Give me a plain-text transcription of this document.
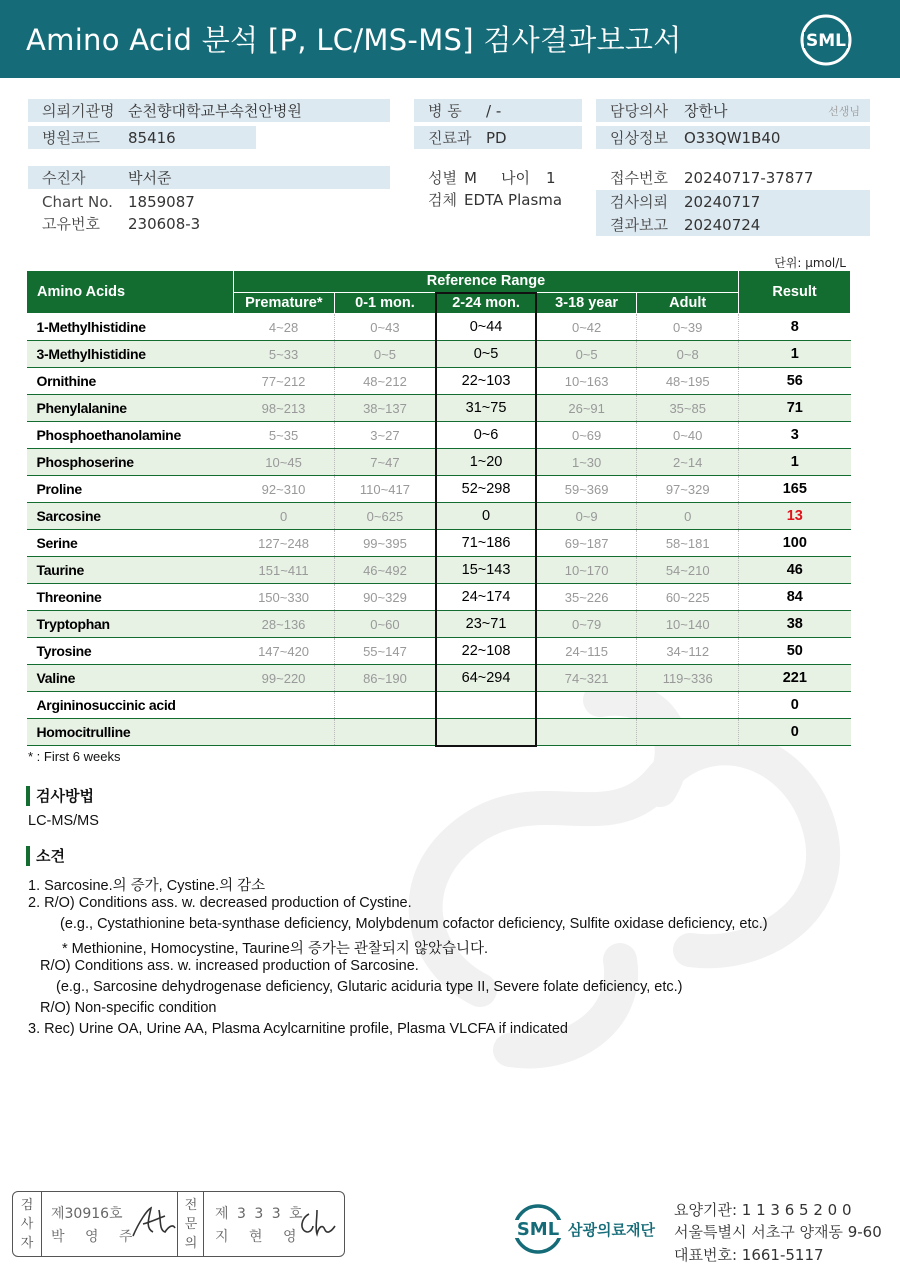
Amino Acid 분석 [P, LC/MS-MS] 검사결과보고서	SML
의뢰기관명 순천향대학교부속천안병원
병원코드	85416
병 동	/ -
진료과 PD
담당의사	장한나	선생님
임상정보	O33QW1B40
수진자	박서준
Chart No.	1859087
고유번호	230608-3
성별 M 나이 1
검체 EDTA Plasma
접수번호	20240717-37877
검사의뢰	20240717
결과보고	20240724
단위: μmol/L
Amino Acids	Reference Range					Result
	Premature*	0-1 mon.	2-24 mon.	3-18 year	Adult	
1-Methylhistidine	4~28	0~43	0~44	0~42	0~39	8
3-Methylhistidine	5~33	0~5	0~5	0~5	0~8	1
Ornithine	77~212	48~212	22~103	10~163	48~195	56
Phenylalanine	98~213	38~137	31~75	26~91	35~85	71
Phosphoethanolamine	5~35	3~27	0~6	0~69	0~40	3
Phosphoserine	10~45	7~47	1~20	1~30	2~14	1
Proline	92~310	110~417	52~298	59~369	97~329	165
Sarcosine	0	0~625	0	0~9	0	13
Serine	127~248	99~395	71~186	69~187	58~181	100
Taurine	151~411	46~492	15~143	10~170	54~210	46
Threonine	150~330	90~329	24~174	35~226	60~225	84
Tryptophan	28~136	0~60	23~71	0~79	10~140	38
Tyrosine	147~420	55~147	22~108	24~115	34~112	50
Valine	99~220	86~190	64~294	74~321	119~336	221
Argininosuccinic acid						0
Homocitrulline						0
* : First 6 weeks
검사방법
LC-MS/MS
소견
1. Sarcosine.의 증가, Cystine.의 감소
2. R/O) Conditions ass. w. decreased production of Cystine.
(e.g., Cystathionine beta-synthase deficiency, Molybdenum cofactor deficiency, Sulfite oxidase deficiency, etc.)
* Methionine, Homocystine, Taurine의 증가는 관찰되지 않았습니다.
R/O) Conditions ass. w. increased production of Sarcosine.
(e.g., Sarcosine dehydrogenase deficiency, Glutaric aciduria type II, Severe folate deficiency, etc.)
R/O) Non-specific condition
3. Rec) Urine OA, Urine AA, Plasma Acylcarnitine profile, Plasma VLCFA if indicated
검
사
자
제30916호
박 영 주
전
문
의
제 3 3 3 호
지 현 영	SML 삼광의료재단
요양기관: 1 1 3 6 5 2 0 0
서울특별시 서초구 양재동 9-60
대표번호: 1661-5117
